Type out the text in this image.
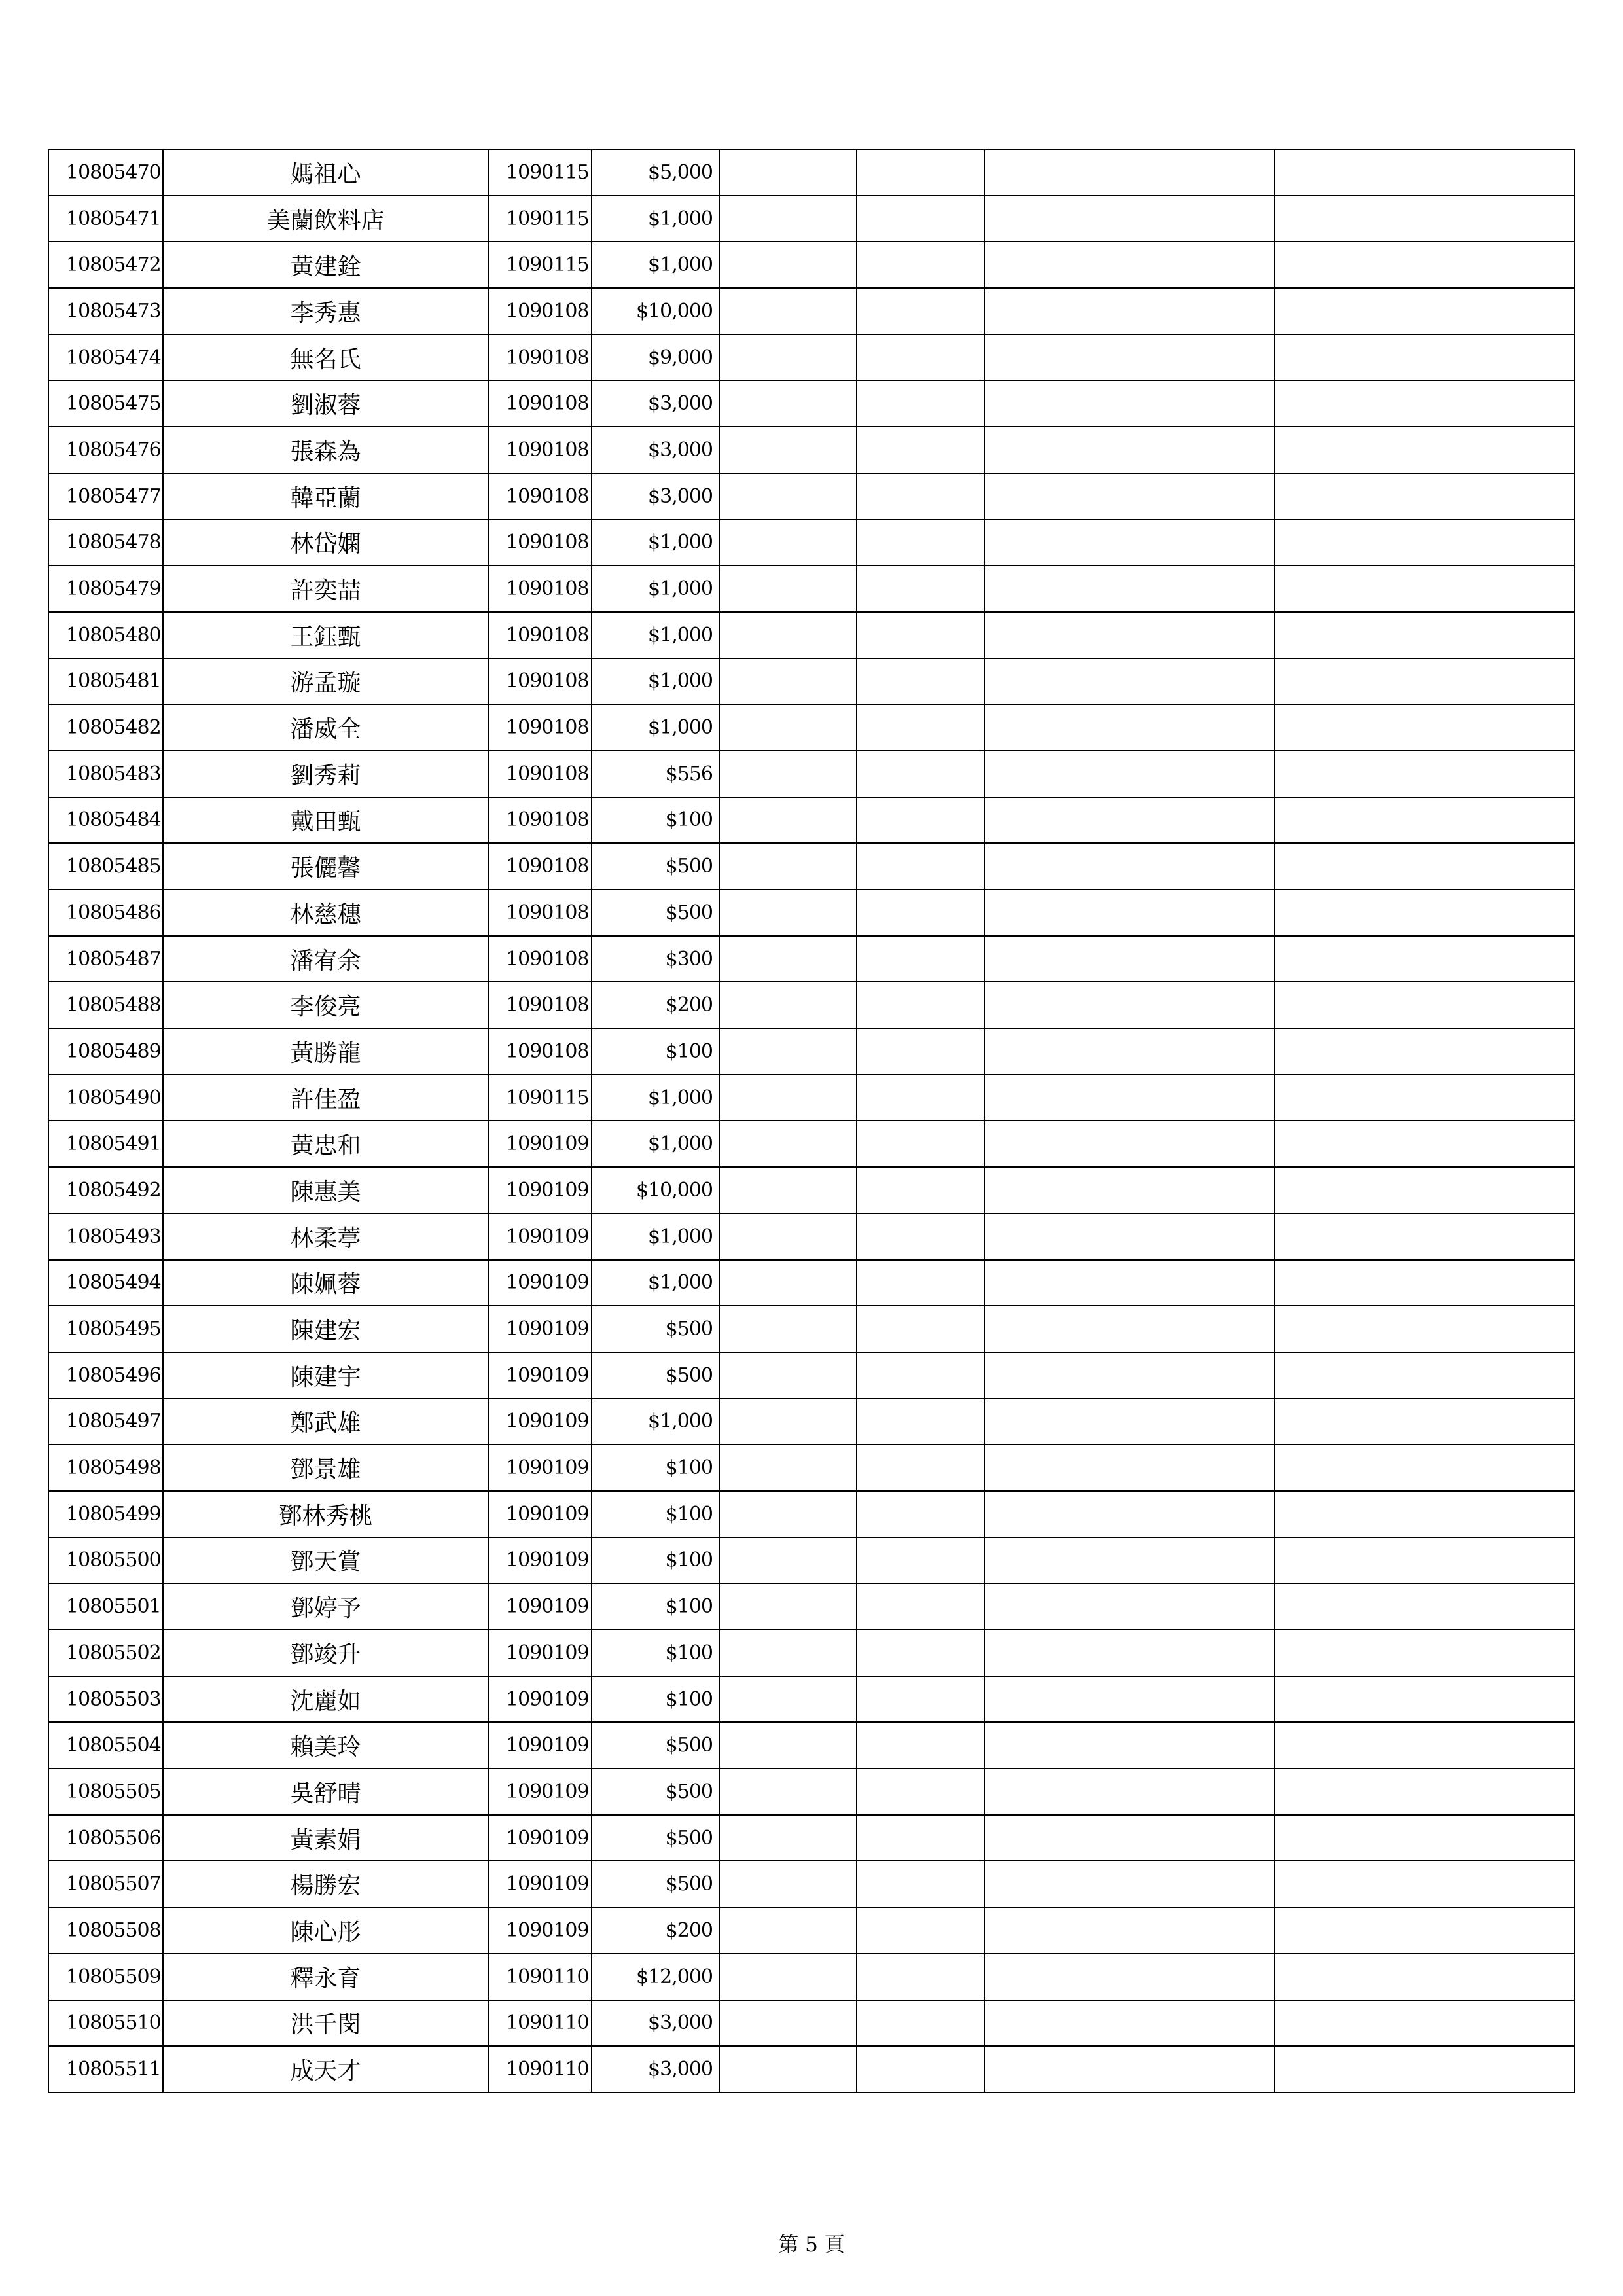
10805470	媽祖心	1090115	$5,000				
10805471	美蘭飲料店	1090115	$1,000				
10805472	黃建銓	1090115	$1,000				
10805473	李秀惠	1090108	$10,000				
10805474	無名氏	1090108	$9,000				
10805475	劉淑蓉	1090108	$3,000				
10805476	張森為	1090108	$3,000				
10805477	韓亞蘭	1090108	$3,000				
10805478	林岱嫻	1090108	$1,000				
10805479	許奕喆	1090108	$1,000				
10805480	王鈺甄	1090108	$1,000				
10805481	游孟璇	1090108	$1,000				
10805482	潘威全	1090108	$1,000				
10805483	劉秀莉	1090108	$556				
10805484	戴田甄	1090108	$100				
10805485	張儷馨	1090108	$500				
10805486	林慈穗	1090108	$500				
10805487	潘宥余	1090108	$300				
10805488	李俊亮	1090108	$200				
10805489	黃勝龍	1090108	$100				
10805490	許佳盈	1090115	$1,000				
10805491	黃忠和	1090109	$1,000				
10805492	陳惠美	1090109	$10,000				
10805493	林柔葶	1090109	$1,000				
10805494	陳姵蓉	1090109	$1,000				
10805495	陳建宏	1090109	$500				
10805496	陳建宇	1090109	$500				
10805497	鄭武雄	1090109	$1,000				
10805498	鄧景雄	1090109	$100				
10805499	鄧林秀桃	1090109	$100				
10805500	鄧天賞	1090109	$100				
10805501	鄧婷予	1090109	$100				
10805502	鄧竣升	1090109	$100				
10805503	沈麗如	1090109	$100				
10805504	賴美玲	1090109	$500				
10805505	吳舒晴	1090109	$500				
10805506	黃素娟	1090109	$500				
10805507	楊勝宏	1090109	$500				
10805508	陳心彤	1090109	$200				
10805509	釋永育	1090110	$12,000				
10805510	洪千閔	1090110	$3,000				
10805511	成天才	1090110	$3,000				
第 5 頁
